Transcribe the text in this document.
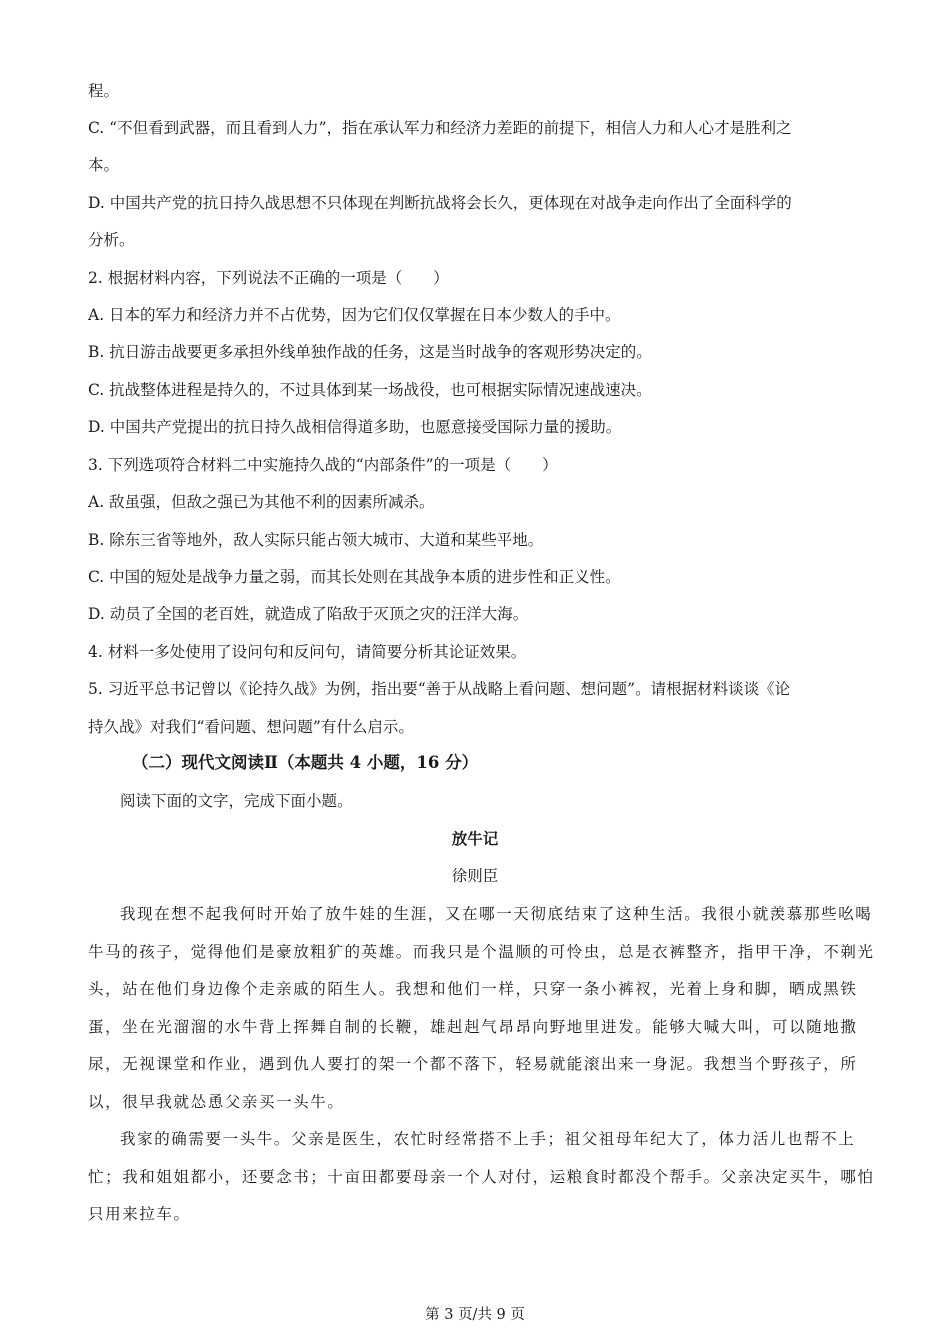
程。
C. “不但看到武器，而且看到人力”，指在承认军力和经济力差距的前提下，相信人力和人心才是胜利之
本。
D. 中国共产党的抗日持久战思想不只体现在判断抗战将会长久，更体现在对战争走向作出了全面科学的
分析。
2. 根据材料内容，下列说法不正确的一项是（　　）
A. 日本的军力和经济力并不占优势，因为它们仅仅掌握在日本少数人的手中。
B. 抗日游击战要更多承担外线单独作战的任务，这是当时战争的客观形势决定的。
C. 抗战整体进程是持久的，不过具体到某一场战役，也可根据实际情况速战速决。
D. 中国共产党提出的抗日持久战相信得道多助，也愿意接受国际力量的援助。
3. 下列选项符合材料二中实施持久战的“内部条件”的一项是（　　）
A. 敌虽强，但敌之强已为其他不利的因素所减杀。
B. 除东三省等地外，敌人实际只能占领大城市、大道和某些平地。
C. 中国的短处是战争力量之弱，而其长处则在其战争本质的进步性和正义性。
D. 动员了全国的老百姓，就造成了陷敌于灭顶之灾的汪洋大海。
4. 材料一多处使用了设问句和反问句，请简要分析其论证效果。
5. 习近平总书记曾以《论持久战》为例，指出要“善于从战略上看问题、想问题”。请根据材料谈谈《论
持久战》对我们“看问题、想问题”有什么启示。
（二）现代文阅读Ⅱ（本题共 4 小题，16 分）
阅读下面的文字，完成下面小题。
放牛记
徐则臣
我现在想不起我何时开始了放牛娃的生涯，又在哪一天彻底结束了这种生活。我很小就羡慕那些吆喝
牛马的孩子，觉得他们是豪放粗犷的英雄。而我只是个温顺的可怜虫，总是衣裤整齐，指甲干净，不剃光
头，站在他们身边像个走亲戚的陌生人。我想和他们一样，只穿一条小裤衩，光着上身和脚，晒成黑铁
蛋，坐在光溜溜的水牛背上挥舞自制的长鞭，雄赳赳气昂昂向野地里进发。能够大喊大叫，可以随地撒
尿，无视课堂和作业，遇到仇人要打的架一个都不落下，轻易就能滚出来一身泥。我想当个野孩子，所
以，很早我就怂恿父亲买一头牛。
我家的确需要一头牛。父亲是医生，农忙时经常搭不上手；祖父祖母年纪大了，体力活儿也帮不上
忙；我和姐姐都小，还要念书；十亩田都要母亲一个人对付，运粮食时都没个帮手。父亲决定买牛，哪怕
只用来拉车。
第 3 页/共 9 页
